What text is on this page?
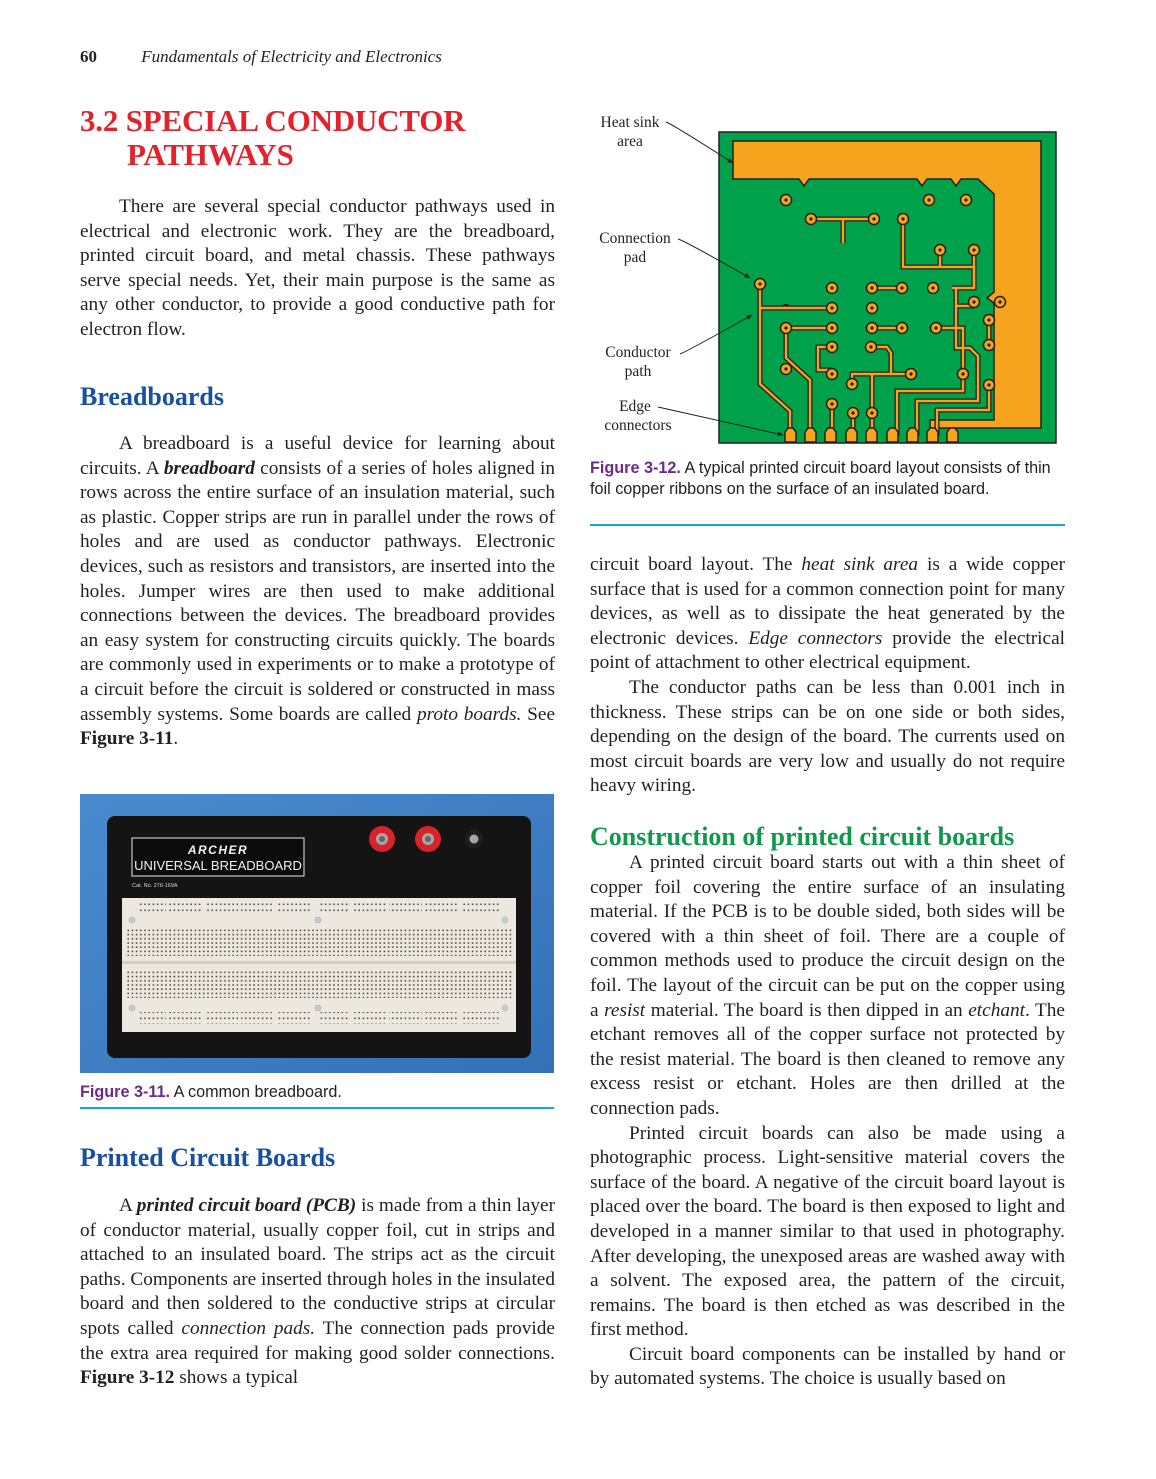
60	Fundamentals of Electricity and Electronics
3.2 SPECIAL CONDUCTOR
PATHWAYS

There are several special conductor pathways used in electrical and electronic work. They are the breadboard, printed circuit board, and metal chassis. These pathways serve special needs. Yet, their main purpose is the same as any other conductor, to provide a good conductive path for electron flow.

Breadboards

A breadboard is a useful device for learning about circuits. A breadboard consists of a series of holes aligned in rows across the entire surface of an insulation material, such as plastic. Copper strips are run in parallel under the rows of holes and are used as conductor pathways. Electronic devices, such as resistors and transistors, are inserted into the holes. Jumper wires are then used to make additional connections between the devices. The breadboard provides an easy system for constructing circuits quickly. The boards are commonly used in experiments or to make a prototype of a circuit before the circuit is soldered or constructed in mass assembly systems. Some boards are called proto boards. See Figure 3-11.

ARCHER
UNIVERSAL BREADBOARD
Cat. No. 276-169A
Figure 3-11. A common breadboard.
Printed Circuit Boards

A printed circuit board (PCB) is made from a thin layer of conductor material, usually copper foil, cut in strips and attached to an insulated board. The strips act as the circuit paths. Components are inserted through holes in the insulated board and then soldered to the conductive strips at circular spots called connection pads. The connection pads provide the extra area required for making good solder connections. Figure 3-12 shows a typical

Heat sink
area
Connection
pad
Conductor
path
Edge
connectors
Figure 3-12. A typical printed circuit board layout consists of thin foil copper ribbons on the surface of an insulated board.

circuit board layout. The heat sink area is a wide copper surface that is used for a common connection point for many devices, as well as to dissipate the heat generated by the electronic devices. Edge connectors provide the electrical point of attachment to other electrical equipment.

The conductor paths can be less than 0.001 inch in thickness. These strips can be on one side or both sides, depending on the design of the board. The currents used on most circuit boards are very low and usually do not require heavy wiring.

Construction of printed circuit boards

A printed circuit board starts out with a thin sheet of copper foil covering the entire surface of an insulating material. If the PCB is to be double sided, both sides will be covered with a thin sheet of foil. There are a couple of common methods used to produce the circuit design on the foil. The layout of the circuit can be put on the copper using a resist material. The board is then dipped in an etchant. The etchant removes all of the copper surface not protected by the resist material. The board is then cleaned to remove any excess resist or etchant. Holes are then drilled at the connection pads.

Printed circuit boards can also be made using a photographic process. Light-sensitive material covers the surface of the board. A negative of the circuit board layout is placed over the board. The board is then exposed to light and developed in a manner similar to that used in photography. After developing, the unexposed areas are washed away with a solvent. The exposed area, the pattern of the circuit, remains. The board is then etched as was described in the first method.

Circuit board components can be installed by hand or by automated systems. The choice is usually based on
